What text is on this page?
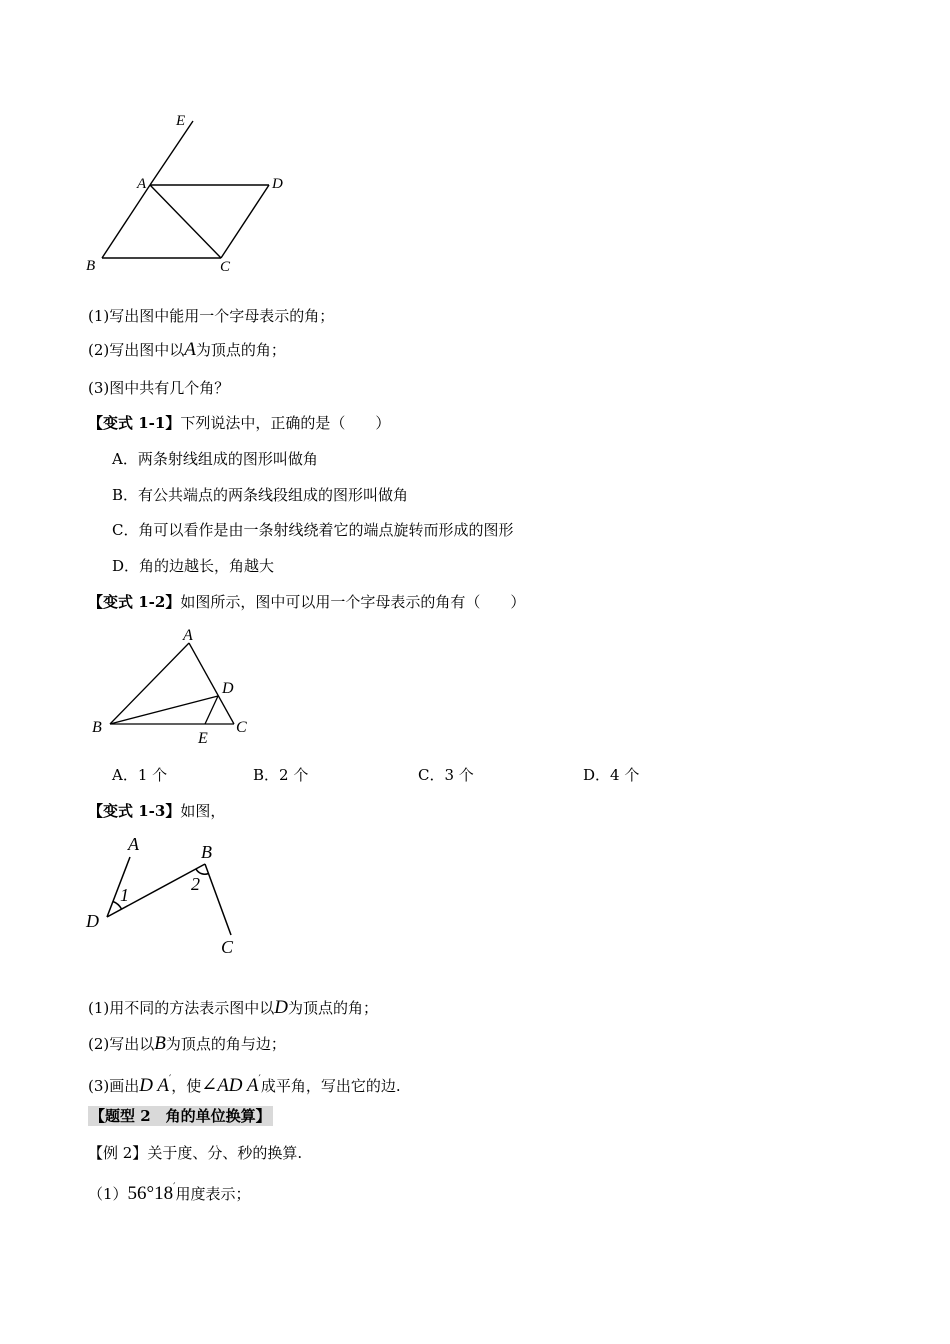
E
A	D
B	C
(1)写出图中能用一个字母表示的角；
(2)写出图中以A为顶点的角；
(3)图中共有几个角？
【变式 1-1】下列说法中，正确的是（　　）
A．两条射线组成的图形叫做角
B．有公共端点的两条线段组成的图形叫做角
C．角可以看作是由一条射线绕着它的端点旋转而形成的图形
D．角的边越长，角越大
【变式 1-2】如图所示，图中可以用一个字母表示的角有（　　）
A
D
B
E
C
A．1 个	B．2 个	C．3 个	D．4 个
【变式 1-3】如图，
A	B
D
C
1
2
(1)用不同的方法表示图中以D为顶点的角；
(2)写出以B为顶点的角与边；
(3)画出D A′，使∠AD A′成平角，写出它的边.
【题型 2　角的单位换算】
【例 2】关于度、分、秒的换算.
（1）56°18′用度表示；
